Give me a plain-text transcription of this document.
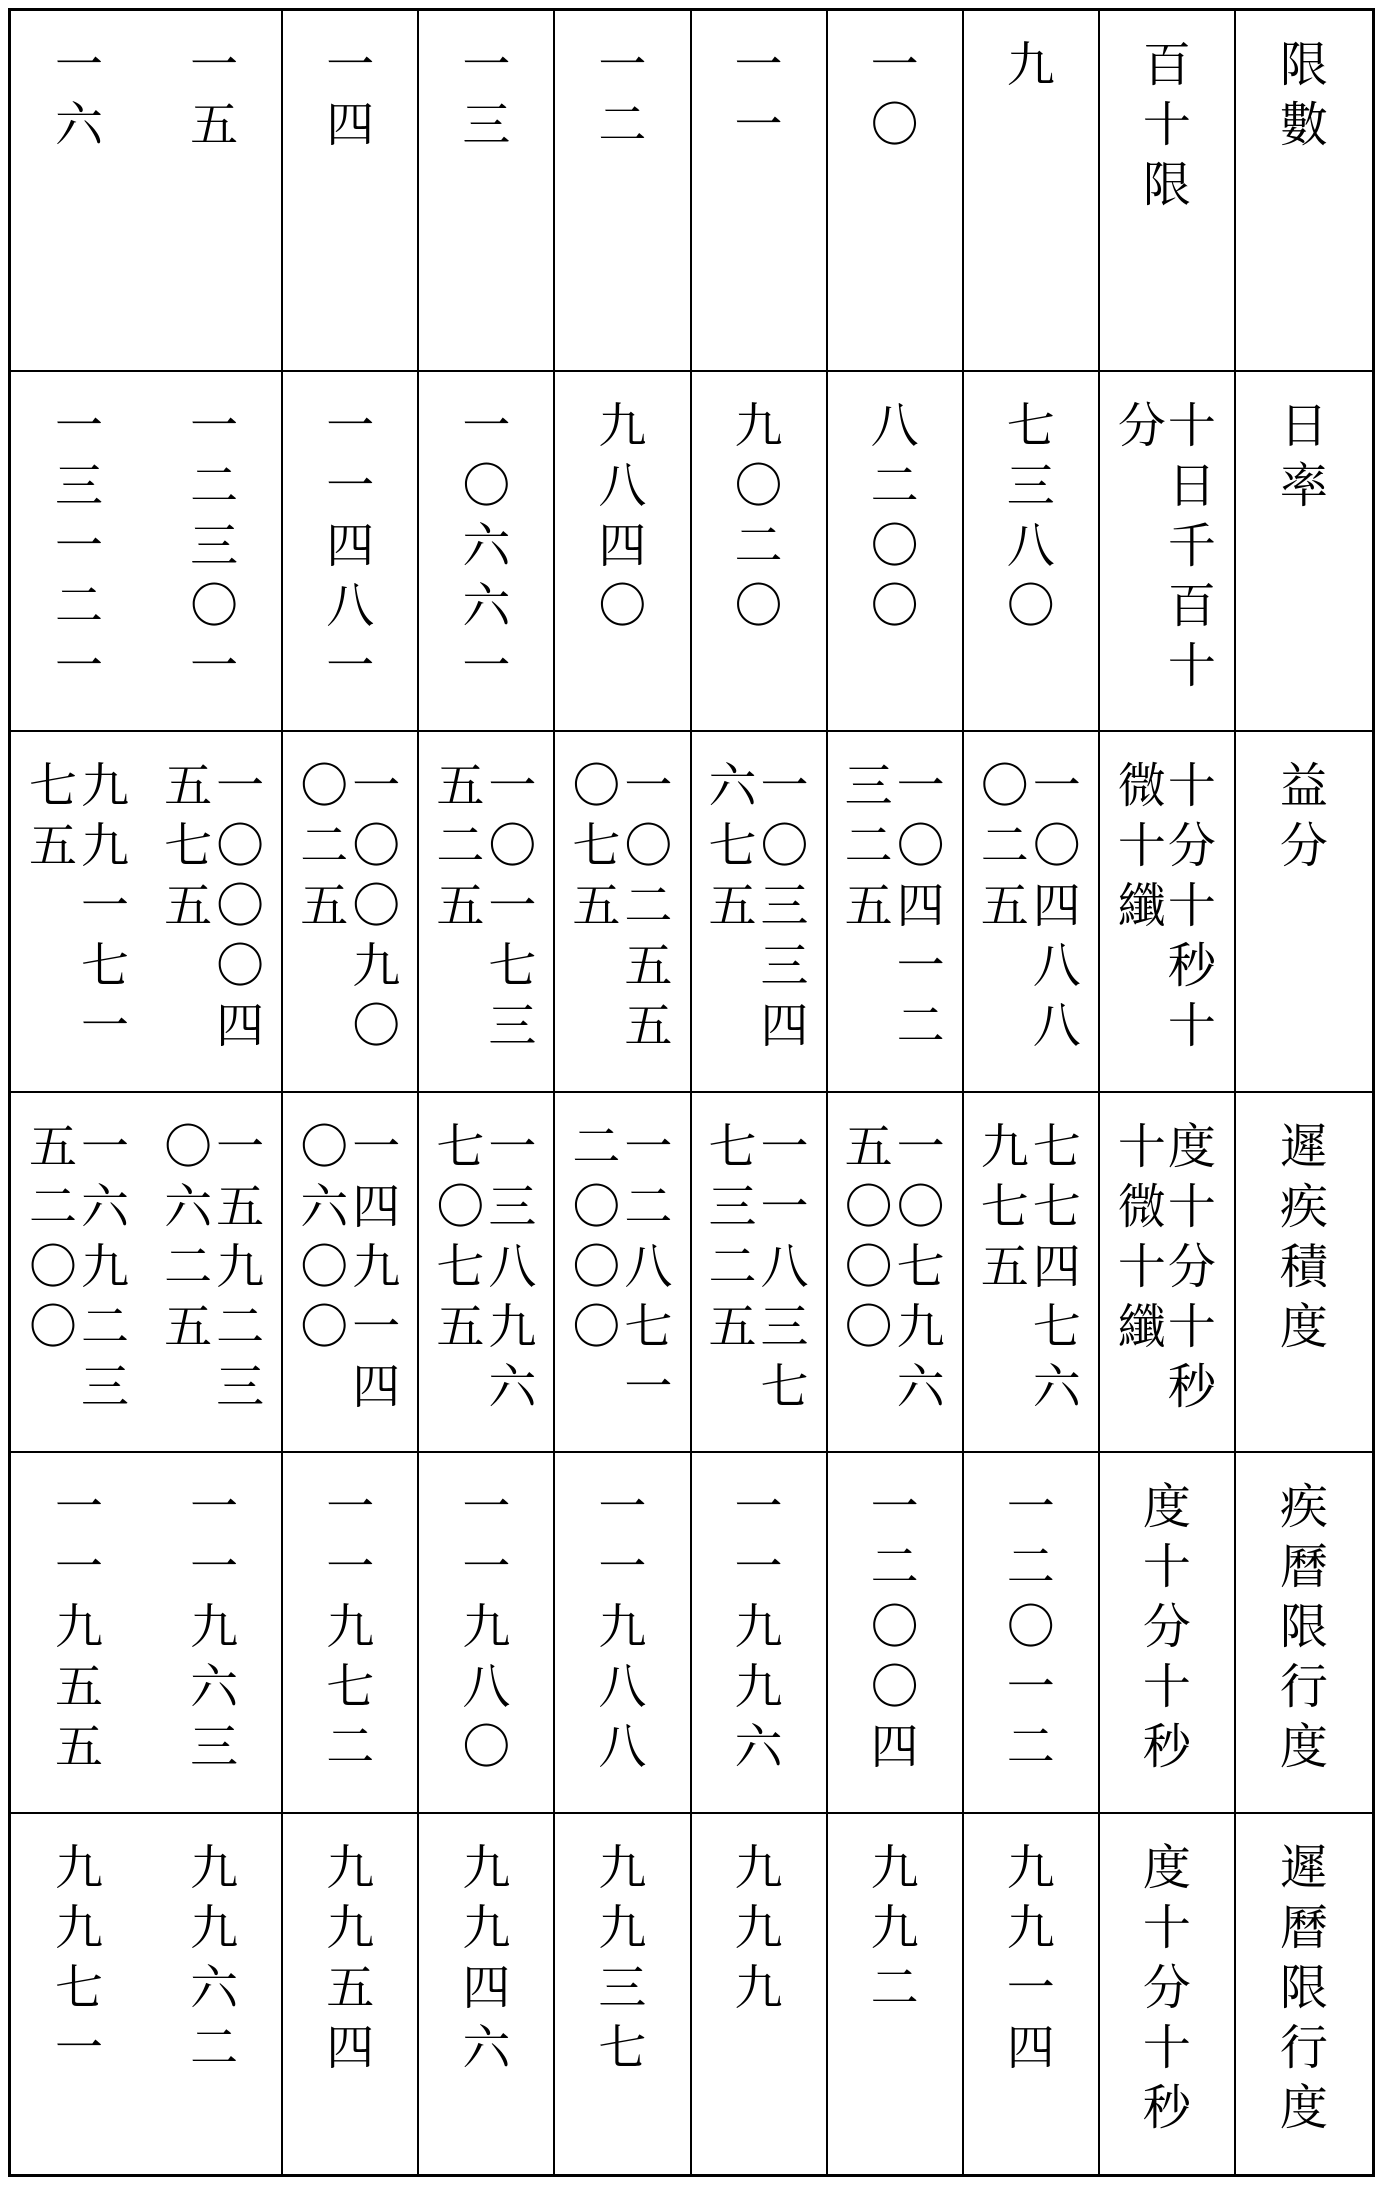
一
六
一
五
一
四
一
三
一
二
一
一
一
〇
九 百
十
限
限
數
一
三
一
二
一
一
二
三
〇
一
一
一
四
八
一
一
〇
六
六
一
九
八
四
〇
九
〇
二
〇
八
二
〇
〇
七
三
八
〇
十
日
千
百
十
分 日
率
九
九
一
七
一
七
五
一
〇
〇
〇
四
五
七
五
一
〇
〇
九
〇
〇
二
五
一
〇
一
七
三
五
二
五
一
〇
二
五
五
〇
七
五
一
〇
三
三
四
六
七
五
一
〇
四
一
二
三
二
五
一
〇
四
八
八
〇
二
五
十
分
十
秒
十
微
十
纖
益
分
一
六
九
二
三
五
二
〇
〇
一
五
九
二
三
〇
六
二
五
一
四
九
一
四
〇
六
〇
〇
一
三
八
九
六
七
〇
七
五
一
二
八
七
一
二
〇
〇
〇
一
一
八
三
七
七
三
二
五
一
〇
七
九
六
五
〇
〇
〇
七
七
四
七
六
九
七
五
度
十
分
十
秒
十
微
十
纖
遲
疾
積
度
一
一
九
五
五
一
一
九
六
三
一
一
九
七
二
一
一
九
八
〇
一
一
九
八
八
一
一
九
九
六
一
二
〇
〇
四
一
二
〇
一
二
度
十
分
十
秒
疾
曆
限
行
度
九
九
七
一
九
九
六
二
九
九
五
四
九
九
四
六
九
九
三
七
九
九
九
九
九
二
九
九
一
四
度
十
分
十
秒
遲
曆
限
行
度
